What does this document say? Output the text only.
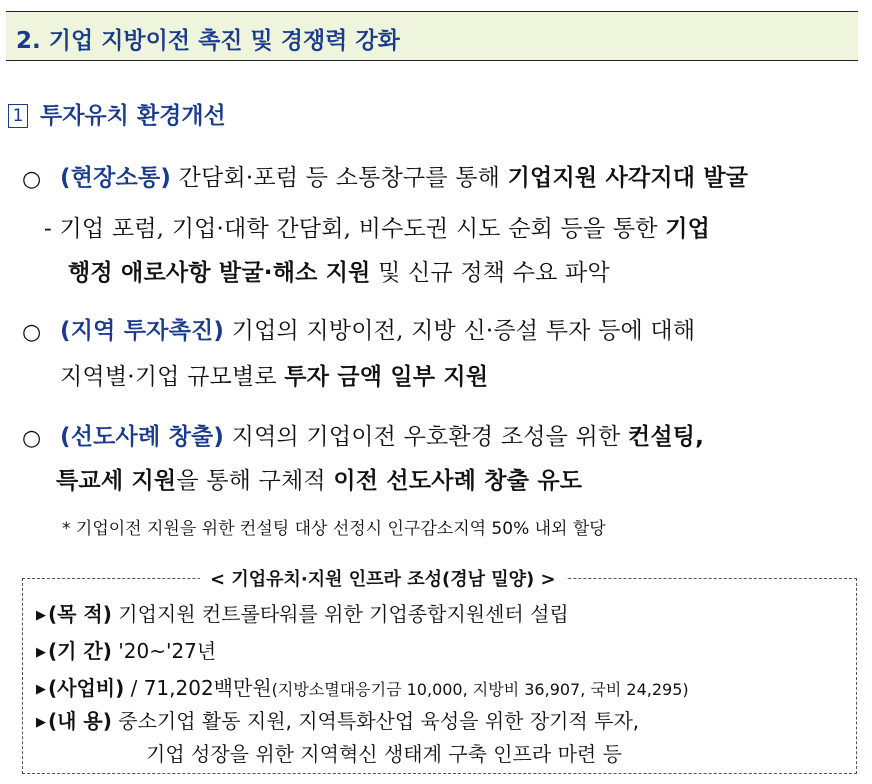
2. 기업 지방이전 촉진 및 경쟁력 강화
1 투자유치 환경개선
○ (현장소통) 간담회·포럼 등 소통창구를 통해 기업지원 사각지대 발굴
- 기업 포럼, 기업·대학 간담회, 비수도권 시도 순회 등을 통한 기업
행정 애로사항 발굴·해소 지원 및 신규 정책 수요 파악
○ (지역 투자촉진) 기업의 지방이전, 지방 신·증설 투자 등에 대해
지역별·기업 규모별로 투자 금액 일부 지원
○ (선도사례 창출) 지역의 기업이전 우호환경 조성을 위한 컨설팅,
특교세 지원을 통해 구체적 이전 선도사례 창출 유도
* 기업이전 지원을 위한 컨설팅 대상 선정시 인구감소지역 50% 내외 할당
< 기업유치·지원 인프라 조성(경남 밀양) >
▶ (목 적) 기업지원 컨트롤타워를 위한 기업종합지원센터 설립
▶ (기 간) '20~'27년
▶ (사업비) / 71,202백만원(지방소멸대응기금 10,000, 지방비 36,907, 국비 24,295)
▶ (내 용) 중소기업 활동 지원, 지역특화산업 육성을 위한 장기적 투자,
기업 성장을 위한 지역혁신 생태계 구축 인프라 마련 등
